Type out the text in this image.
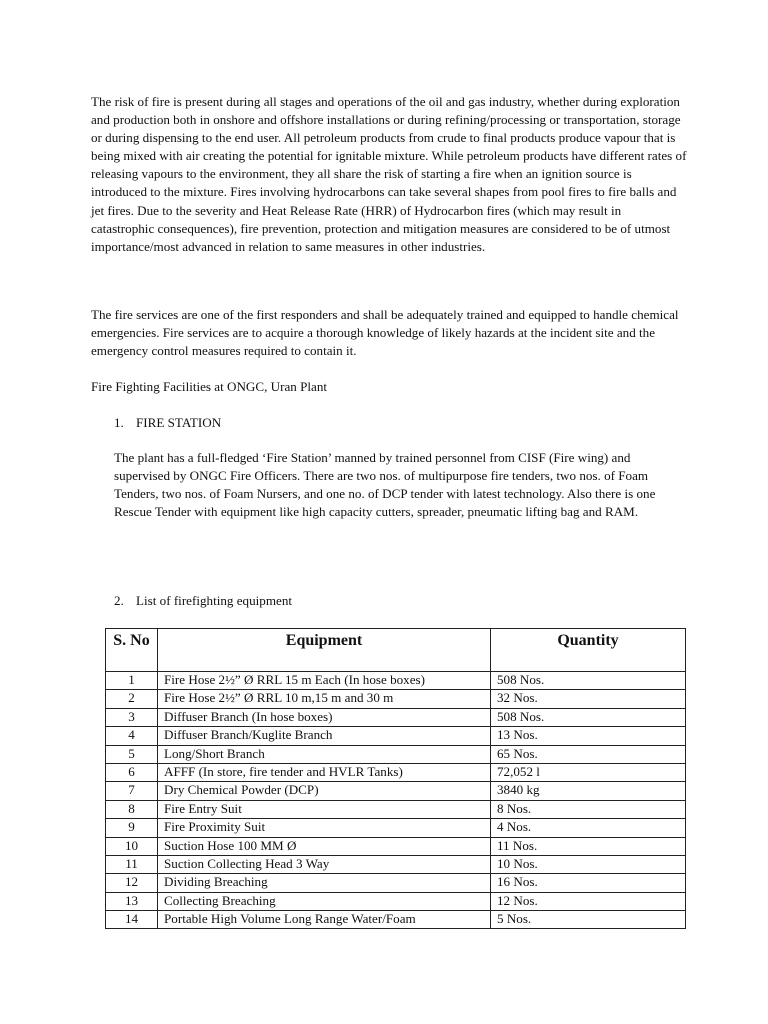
The risk of fire is present during all stages and operations of the oil and gas industry, whether during exploration and production both in onshore and offshore installations or during refining/processing or transportation, storage or during dispensing to the end user. All petroleum products from crude to final products produce vapour that is being mixed with air creating the potential for ignitable mixture. While petroleum products have different rates of releasing vapours to the environment, they all share the risk of starting a fire when an ignition source is introduced to the mixture. Fires involving hydrocarbons can take several shapes from pool fires to fire balls and jet fires. Due to the severity and Heat Release Rate (HRR) of Hydrocarbon fires (which may result in catastrophic consequences), fire prevention, protection and mitigation measures are considered to be of utmost importance/most advanced in relation to same measures in other industries.

The fire services are one of the first responders and shall be adequately trained and equipped to handle chemical emergencies. Fire services are to acquire a thorough knowledge of likely hazards at the incident site and the emergency control measures required to contain it.

Fire Fighting Facilities at ONGC, Uran Plant

1. FIRE STATION

The plant has a full-fledged ‘Fire Station’ manned by trained personnel from CISF (Fire wing) and supervised by ONGC Fire Officers. There are two nos. of multipurpose fire tenders, two nos. of Foam Tenders, two nos. of Foam Nursers, and one no. of DCP tender with latest technology. Also there is one Rescue Tender with equipment like high capacity cutters, spreader, pneumatic lifting bag and RAM.

2. List of firefighting equipment

S. No	Equipment	Quantity
1	Fire Hose 2½” Ø RRL 15 m Each (In hose boxes)	508 Nos.
2	Fire Hose 2½” Ø RRL 10 m,15 m and 30 m	32 Nos.
3	Diffuser Branch (In hose boxes)	508 Nos.
4	Diffuser Branch/Kuglite Branch	13 Nos.
5	Long/Short Branch	65 Nos.
6	AFFF (In store, fire tender and HVLR Tanks)	72,052 l
7	Dry Chemical Powder (DCP)	3840 kg
8	Fire Entry Suit	8 Nos.
9	Fire Proximity Suit	4 Nos.
10	Suction Hose 100 MM Ø	11 Nos.
11	Suction Collecting Head 3 Way	10 Nos.
12	Dividing Breaching	16 Nos.
13	Collecting Breaching	12 Nos.
14	Portable High Volume Long Range Water/Foam	5 Nos.
